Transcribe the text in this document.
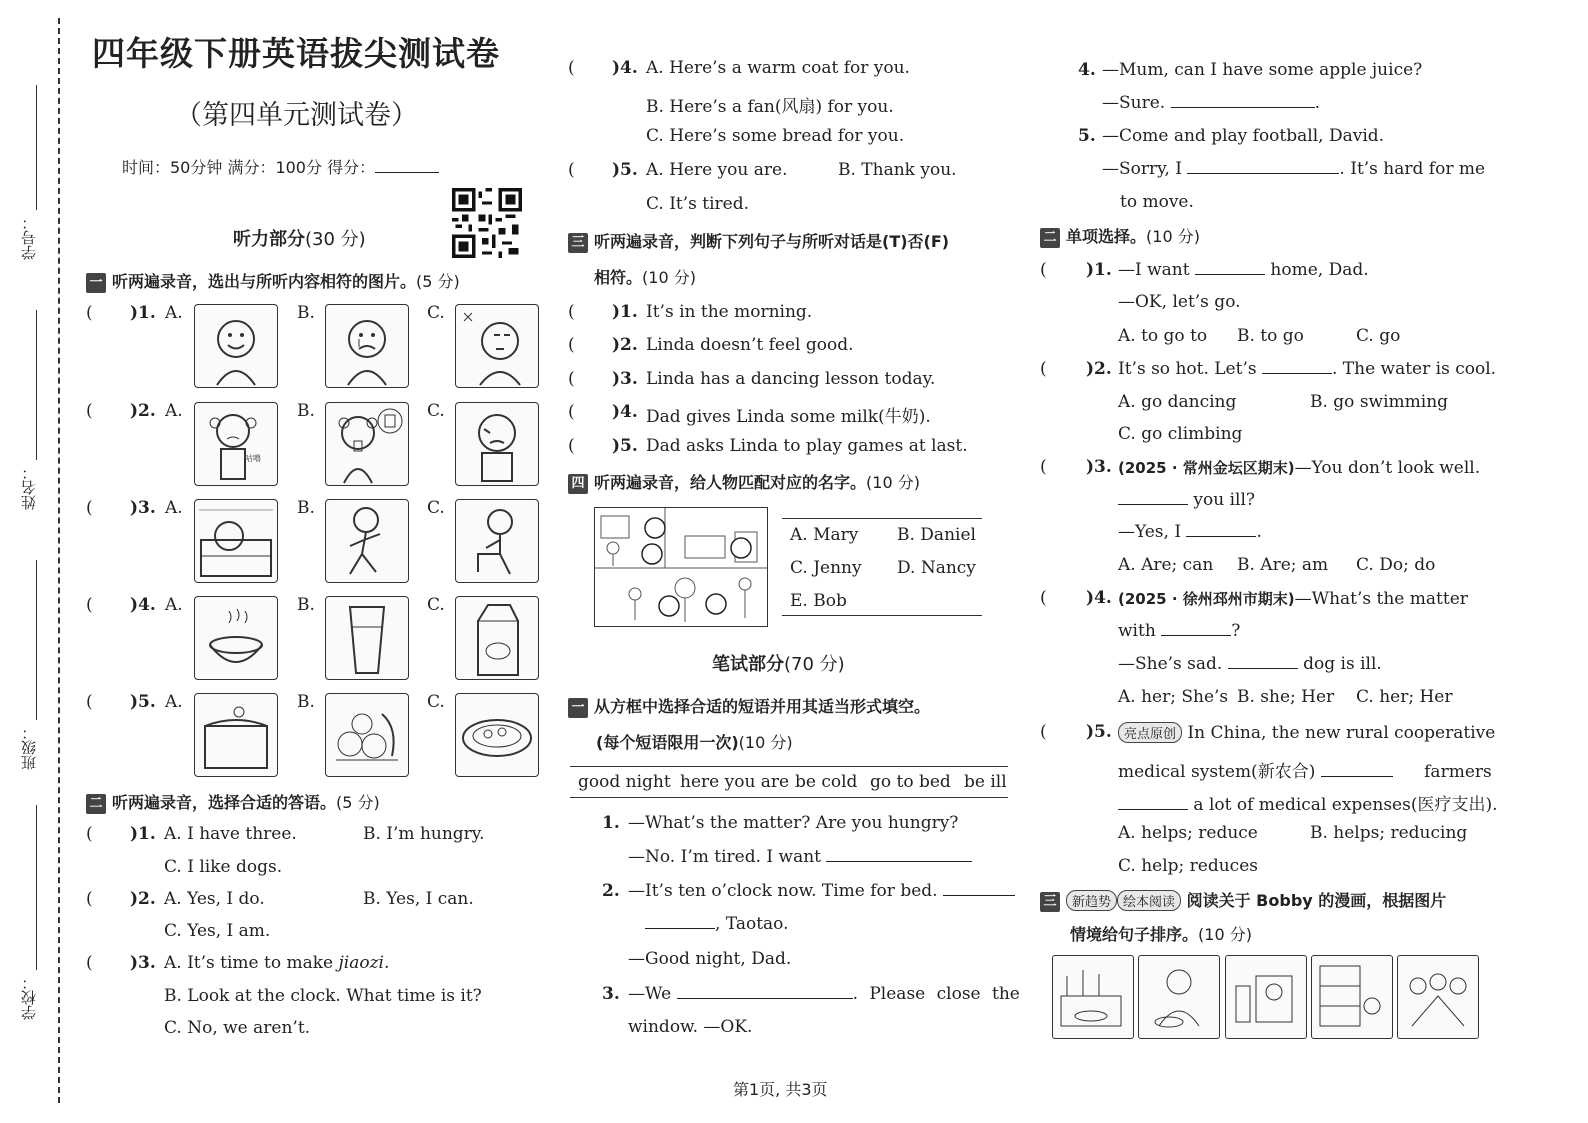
学号：
姓名：
班级：
学校：
四年级下册英语拔尖测试卷
（第四单元测试卷）
时间：50分钟 满分：100分 得分：
听力部分(30 分)
一 听两遍录音，选出与所听内容相符的图片。(5 分)
( )1. A.	B.	C.
( )2. A.
咕噜
B.	C.
( )3. A.	B.	C.
( )4. A.	B.	C.
( )5. A.	B.	C.
二 听两遍录音，选择合适的答语。(5 分)
( )1. A. I have three.	B. I’m hungry.
C. I like dogs.
( )2. A. Yes, I do.	B. Yes, I can.
C. Yes, I am.
( )3. A. It’s time to make jiaozi.
B. Look at the clock. What time is it?
C. No, we aren’t.
( )4. A. Here’s a warm coat for you.
B. Here’s a fan(风扇) for you.
C. Here’s some bread for you.
( )5. A. Here you are.	B. Thank you.
C. It’s tired.
三 听两遍录音，判断下列句子与所听对话是(T)否(F)
相符。(10 分)
( )1. It’s in the morning.
( )2. Linda doesn’t feel good.
( )3. Linda has a dancing lesson today.
( )4. Dad gives Linda some milk(牛奶).
( )5. Dad asks Linda to play games at last.
四 听两遍录音，给人物匹配对应的名字。(10 分)
A. Mary B. Daniel
C. Jenny D. Nancy
E. Bob
笔试部分(70 分)
一 从方框中选择合适的短语并用其适当形式填空。
(每个短语限用一次)(10 分)
good night here you are be cold go to bed be ill
1. —What’s the matter? Are you hungry?
—No. I’m tired. I want
2. —It’s ten o’clock now. Time for bed.
, Taotao.
—Good night, Dad.
3. —We	. Please close the
window. —OK.
4. —Mum, can I have some apple juice?
—Sure.	.
5. —Come and play football, David.
—Sorry, I	. It’s hard for me
to move.
二 单项选择。(10 分)
( )1. —I want	home, Dad.
—OK, let’s go.
A. to go to B. to go	C. go
( )2. It’s so hot. Let’s	. The water is cool.
A. go dancing	B. go swimming
C. go climbing
( )3. (2025 · 常州金坛区期末)—You don’t look well.
you ill?
—Yes, I	.
A. Are; can B. Are; am C. Do; do
( )4. (2025 · 徐州邳州市期末)—What’s the matter
with	?
—She’s sad.	dog is ill.
A. her; She’s B. she; Her C. her; Her
( )5. 亮点原创 In China, the new rural cooperative
medical system(新农合)	farmers
a lot of medical expenses(医疗支出).
A. helps; reduce	B. helps; reducing
C. help; reduces
三 新趋势 绘本阅读 阅读关于 Bobby 的漫画，根据图片
情境给句子排序。(10 分)
第1页, 共3页
